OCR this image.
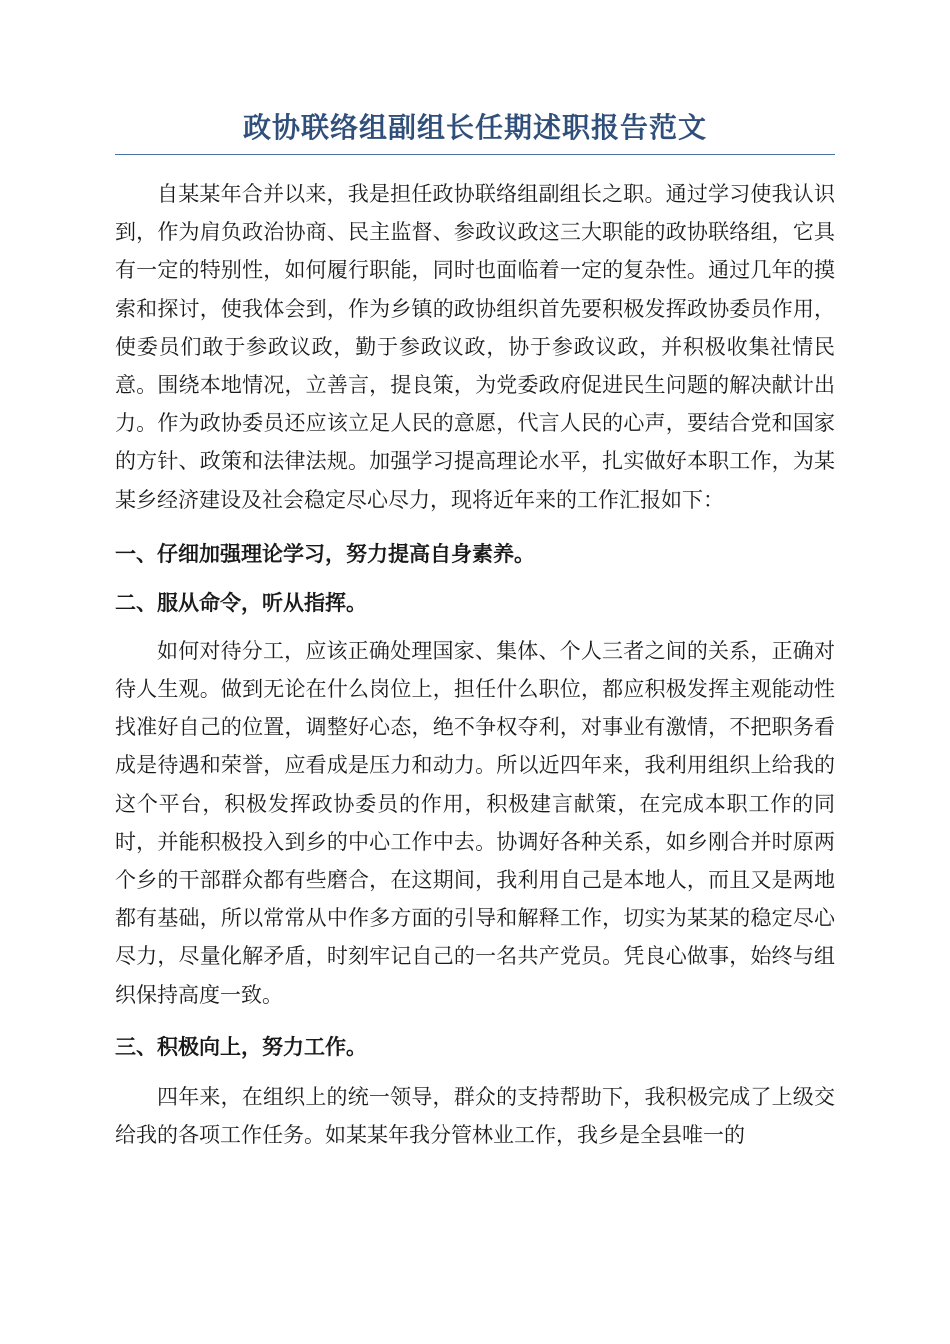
政协联络组副组长任期述职报告范文

自某某年合并以来，我是担任政协联络组副组长之职。通过学习使我认识到，作为肩负政治协商、民主监督、参政议政这三大职能的政协联络组，它具有一定的特别性，如何履行职能，同时也面临着一定的复杂性。通过几年的摸索和探讨，使我体会到，作为乡镇的政协组织首先要积极发挥政协委员作用，使委员们敢于参政议政，勤于参政议政，协于参政议政，并积极收集社情民意。围绕本地情况，立善言，提良策，为党委政府促进民生问题的解决献计出力。作为政协委员还应该立足人民的意愿，代言人民的心声，要结合党和国家的方针、政策和法律法规。加强学习提高理论水平，扎实做好本职工作，为某某乡经济建设及社会稳定尽心尽力，现将近年来的工作汇报如下：

一、仔细加强理论学习，努力提高自身素养。

二、服从命令，听从指挥。

如何对待分工，应该正确处理国家、集体、个人三者之间的关系，正确对待人生观。做到无论在什么岗位上，担任什么职位，都应积极发挥主观能动性找准好自己的位置，调整好心态，绝不争权夺利，对事业有激情，不把职务看成是待遇和荣誉，应看成是压力和动力。所以近四年来，我利用组织上给我的这个平台，积极发挥政协委员的作用，积极建言献策，在完成本职工作的同时，并能积极投入到乡的中心工作中去。协调好各种关系，如乡刚合并时原两个乡的干部群众都有些磨合，在这期间，我利用自己是本地人，而且又是两地都有基础，所以常常从中作多方面的引导和解释工作，切实为某某的稳定尽心尽力，尽量化解矛盾，时刻牢记自己的一名共产党员。凭良心做事，始终与组织保持高度一致。

三、积极向上，努力工作。

四年来，在组织上的统一领导，群众的支持帮助下，我积极完成了上级交给我的各项工作任务。如某某年我分管林业工作，我乡是全县唯一的
